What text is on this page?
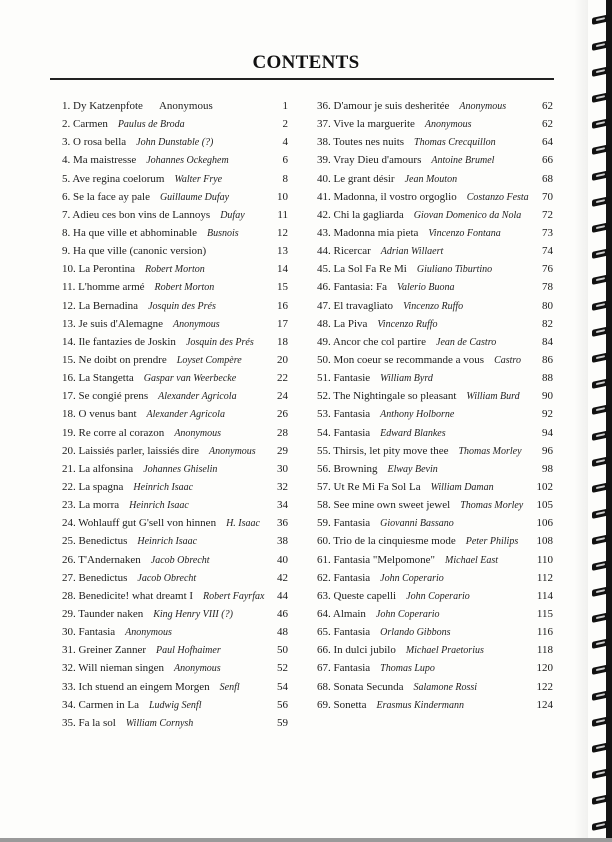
CONTENTS
1. Dy Katzenpfote Anonymous	1
2. Carmen Paulus de Broda	2
3. O rosa bella John Dunstable (?)	4
4. Ma maistresse Johannes Ockeghem	6
5. Ave regina coelorum Walter Frye	8
6. Se la face ay pale Guillaume Dufay	10
7. Adieu ces bon vins de Lannoys Dufay	11
8. Ha que ville et abhominable Busnois	12
9. Ha que ville (canonic version)	13
10. La Perontina Robert Morton	14
11. L'homme armé Robert Morton	15
12. La Bernadina Josquin des Prés	16
13. Je suis d'Alemagne Anonymous	17
14. Ile fantazies de Joskin Josquin des Prés 18
15. Ne doibt on prendre Loyset Compère	20
16. La Stangetta Gaspar van Weerbecke	22
17. Se congié prens Alexander Agricola	24
18. O venus bant Alexander Agricola	26
19. Re corre al corazon Anonymous	28
20. Laissiés parler, laissiés dire Anonymous 29
21. La alfonsina Johannes Ghiselin	30
22. La spagna Heinrich Isaac	32
23. La morra Heinrich Isaac	34
24. Wohlauff gut G'sell von hinnen H. Isaac 36
25. Benedictus Heinrich Isaac	38
26. T'Andernaken Jacob Obrecht	40
27. Benedictus Jacob Obrecht	42
28. Benedicite! what dreamt I Robert Fayrfax 44
29. Taunder naken King Henry VIII (?)	46
30. Fantasia Anonymous	48
31. Greiner Zanner Paul Hofhaimer	50
32. Will nieman singen Anonymous	52
33. Ich stuend an eingem Morgen Senfl	54
34. Carmen in La Ludwig Senfl	56
35. Fa la sol William Cornysh	59
36. D'amour je suis desheritée Anonymous	62
37. Vive la marguerite Anonymous	62
38. Toutes nes nuits Thomas Crecquillon	64
39. Vray Dieu d'amours Antoine Brumel	66
40. Le grant désir Jean Mouton	68
41. Madonna, il vostro orgoglio Costanzo Festa 70
42. Chi la gagliarda Giovan Domenico da Nola 72
43. Madonna mia pieta Vincenzo Fontana	73
44. Ricercar Adrian Willaert	74
45. La Sol Fa Re Mi Giuliano Tiburtino	76
46. Fantasia: Fa Valerio Buona	78
47. El travagliato Vincenzo Ruffo	80
48. La Piva Vincenzo Ruffo	82
49. Ancor che col partire Jean de Castro	84
50. Mon coeur se recommande a vous Castro 86
51. Fantasie William Byrd	88
52. The Nightingale so pleasant William Burd 90
53. Fantasia Anthony Holborne	92
54. Fantasia Edward Blankes	94
55. Thirsis, let pity move thee Thomas Morley 96
56. Browning Elway Bevin	98
57. Ut Re Mi Fa Sol La William Daman	102
58. See mine own sweet jewel Thomas Morley 105
59. Fantasia Giovanni Bassano	106
60. Trio de la cinquiesme mode Peter Philips 108
61. Fantasia "Melpomone" Michael East	110
62. Fantasia John Coperario	112
63. Queste capelli John Coperario	114
64. Almain John Coperario	115
65. Fantasia Orlando Gibbons	116
66. In dulci jubilo Michael Praetorius	118
67. Fantasia Thomas Lupo	120
68. Sonata Secunda Salamone Rossi	122
69. Sonetta Erasmus Kindermann	124
